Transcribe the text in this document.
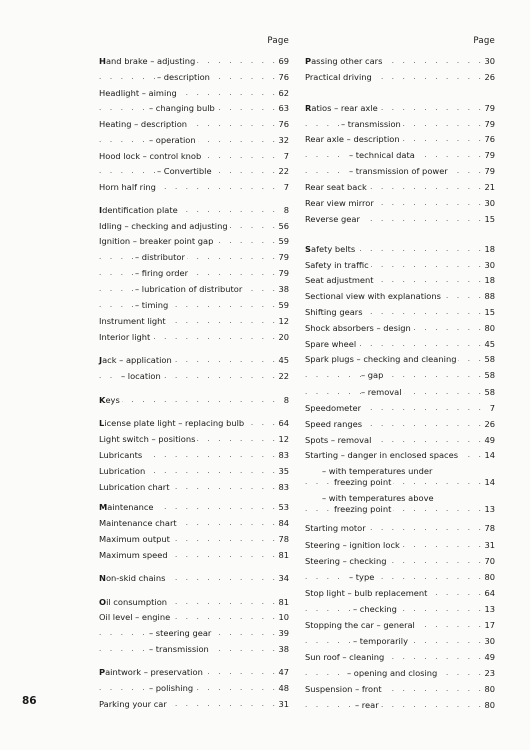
Page
Hand brake – adjusting . . .	69
– description . . .	76
Headlight – aiming . . .	62
– changing bulb . . .	63
Heating – description . . .	76
– operation . . .	32
Hood lock – control knob . . .	7
– Convertible . . .	22
Horn half ring . . .	7
Identification plate . . .	8
Idling – checking and adjusting . . .	56
Ignition – breaker point gap . . .	59
– distributor . . .	79
– firing order . . .	79
– lubrication of distributor . . .	38
– timing . . .	59
Instrument light . . .	12
Interior light . . .	20
Jack – application . . .	45
– location . . .	22
Keys . . .	8
License plate light – replacing bulb . . .	64
Light switch – positions . . .	12
Lubricants . . .	83
Lubrication . . .	35
Lubrication chart . . .	83
Maintenance . . .	53
Maintenance chart . . .	84
Maximum output . . .	78
Maximum speed . . .	81
Non-skid chains . . .	34
Oil consumption . . .	81
Oil level – engine . . .	10
– steering gear . . .	39
– transmission . . .	38
Paintwork – preservation . . .	47
– polishing . . .	48
Parking your car . . .	31
Page
Passing other cars . . .	30
Practical driving . . .	26
Ratios – rear axle . . .	79
– transmission . . .	79
Rear axle – description . . .	76
– technical data . . .	79
– transmission of power . . .	79
Rear seat back . . .	21
Rear view mirror . . .	30
Reverse gear . . .	15
Safety belts . . .	18
Safety in traffic . . .	30
Seat adjustment . . .	18
Sectional view with explanations . . .	88
Shifting gears . . .	15
Shock absorbers – design . . .	80
Spare wheel . . .	45
Spark plugs – checking and cleaning . . .	58
– gap . . .	58
– removal . . .	58
Speedometer . . .	7
Speed ranges . . .	26
Spots – removal . . .	49
Starting – danger in enclosed spaces . . .	14
– with temperatures under
freezing point . . .	14
– with temperatures above
freezing point . . .	13
Starting motor . . .	78
Steering – ignition lock . . .	31
Steering – checking . . .	70
– type . . .	80
Stop light – bulb replacement . . .	64
– checking . . .	13
Stopping the car – general . . .	17
– temporarily . . .	30
Sun roof – cleaning . . .	49
– opening and closing . . .	23
Suspension – front . . .	80
– rear . . .	80
86
